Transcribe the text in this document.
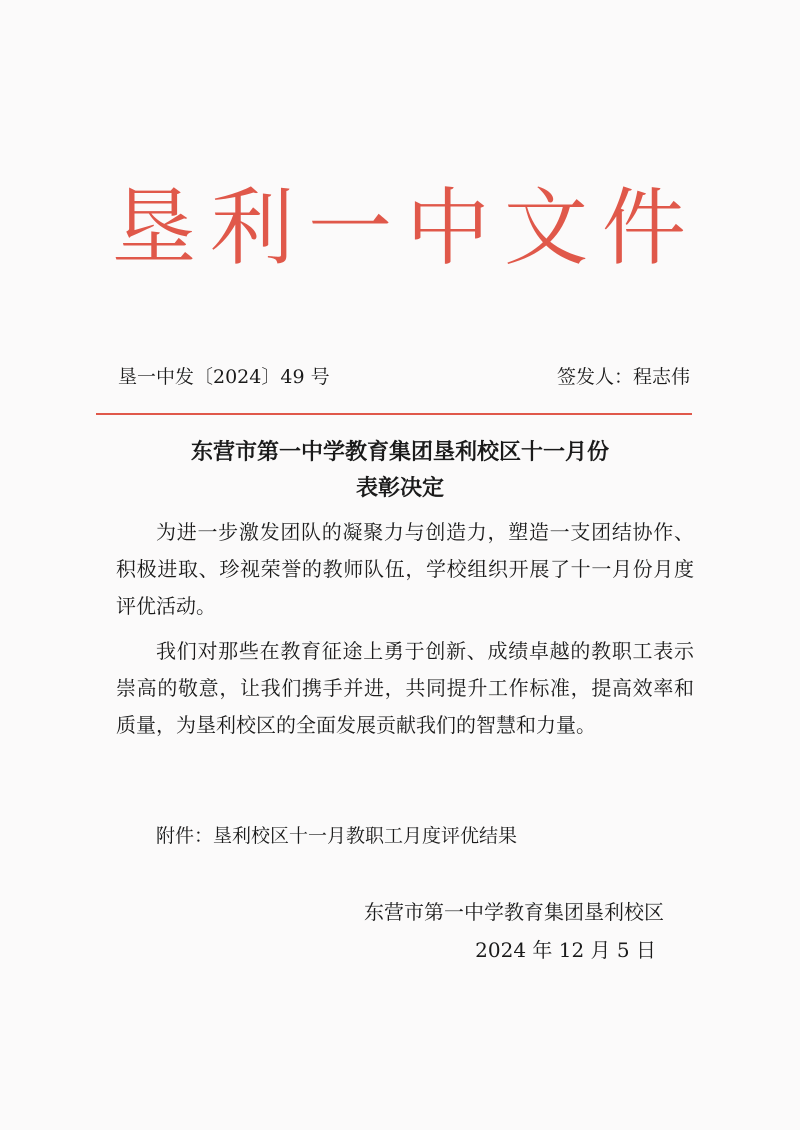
垦 利 一 中 文 件
垦一中发〔2024〕49 号	签发人：程志伟
东营市第一中学教育集团垦利校区十一月份
表彰决定

为进一步激发团队的凝聚力与创造力，塑造一支团结协作、积极进取、珍视荣誉的教师队伍，学校组织开展了十一月份月度评优活动。

我们对那些在教育征途上勇于创新、成绩卓越的教职工表示崇高的敬意，让我们携手并进，共同提升工作标准，提高效率和质量，为垦利校区的全面发展贡献我们的智慧和力量。

附件：垦利校区十一月教职工月度评优结果
东营市第一中学教育集团垦利校区
2024 年 12 月 5 日
